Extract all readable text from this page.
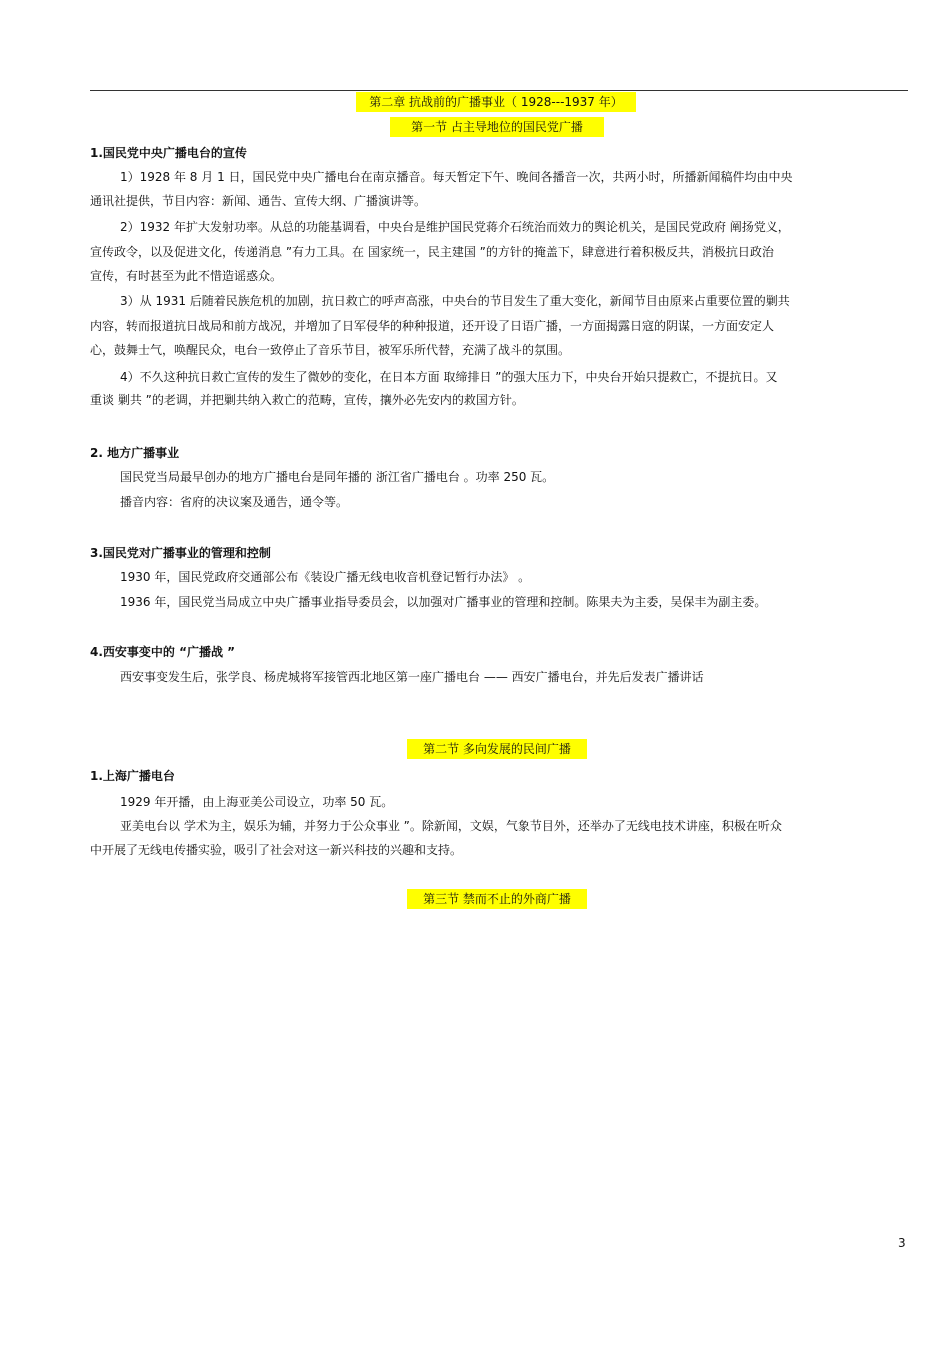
第二章 抗战前的广播事业（ 1928---1937 年）
第一节 占主导地位的国民党广播
1.国民党中央广播电台的宣传
1）1928 年 8 月 1 日，国民党中央广播电台在南京播音。每天暂定下午、晚间各播音一次，共两小时，所播新闻稿件均由中央
通讯社提供，节目内容：新闻、通告、宣传大纲、广播演讲等。
2）1932 年扩大发射功率。从总的功能基调看，中央台是维护国民党蒋介石统治而效力的舆论机关，是国民党政府 阐扬党义，
宣传政令，以及促进文化，传递消息 ”有力工具。在 国家统一，民主建国 ”的方针的掩盖下，肆意进行着积极反共，消极抗日政治
宣传，有时甚至为此不惜造谣惑众。
3）从 1931 后随着民族危机的加剧，抗日救亡的呼声高涨，中央台的节目发生了重大变化，新闻节目由原来占重要位置的剿共
内容，转而报道抗日战局和前方战况，并增加了日军侵华的种种报道，还开设了日语广播，一方面揭露日寇的阴谋，一方面安定人
心，鼓舞士气，唤醒民众，电台一致停止了音乐节目，被军乐所代替，充满了战斗的氛围。
4）不久这种抗日救亡宣传的发生了微妙的变化，在日本方面 取缔排日 ”的强大压力下，中央台开始只提救亡，不提抗日。又
重谈 剿共 ”的老调，并把剿共纳入救亡的范畴，宣传，攘外必先安内的救国方针。
2. 地方广播事业
国民党当局最早创办的地方广播电台是同年播的 浙江省广播电台 。功率 250 瓦。
播音内容：省府的决议案及通告，通令等。
3.国民党对广播事业的管理和控制
1930 年，国民党政府交通部公布《装设广播无线电收音机登记暂行办法》 。
1936 年，国民党当局成立中央广播事业指导委员会，以加强对广播事业的管理和控制。陈果夫为主委，吴保丰为副主委。
4.西安事变中的 “广播战 ”
西安事变发生后，张学良、杨虎城将军接管西北地区第一座广播电台 —— 西安广播电台，并先后发表广播讲话
第二节 多向发展的民间广播
1.上海广播电台
1929 年开播，由上海亚美公司设立，功率 50 瓦。
亚美电台以 学术为主，娱乐为辅，并努力于公众事业 ”。除新闻，文娱，气象节目外，还举办了无线电技术讲座，积极在听众
中开展了无线电传播实验，吸引了社会对这一新兴科技的兴趣和支持。
第三节 禁而不止的外商广播
3
